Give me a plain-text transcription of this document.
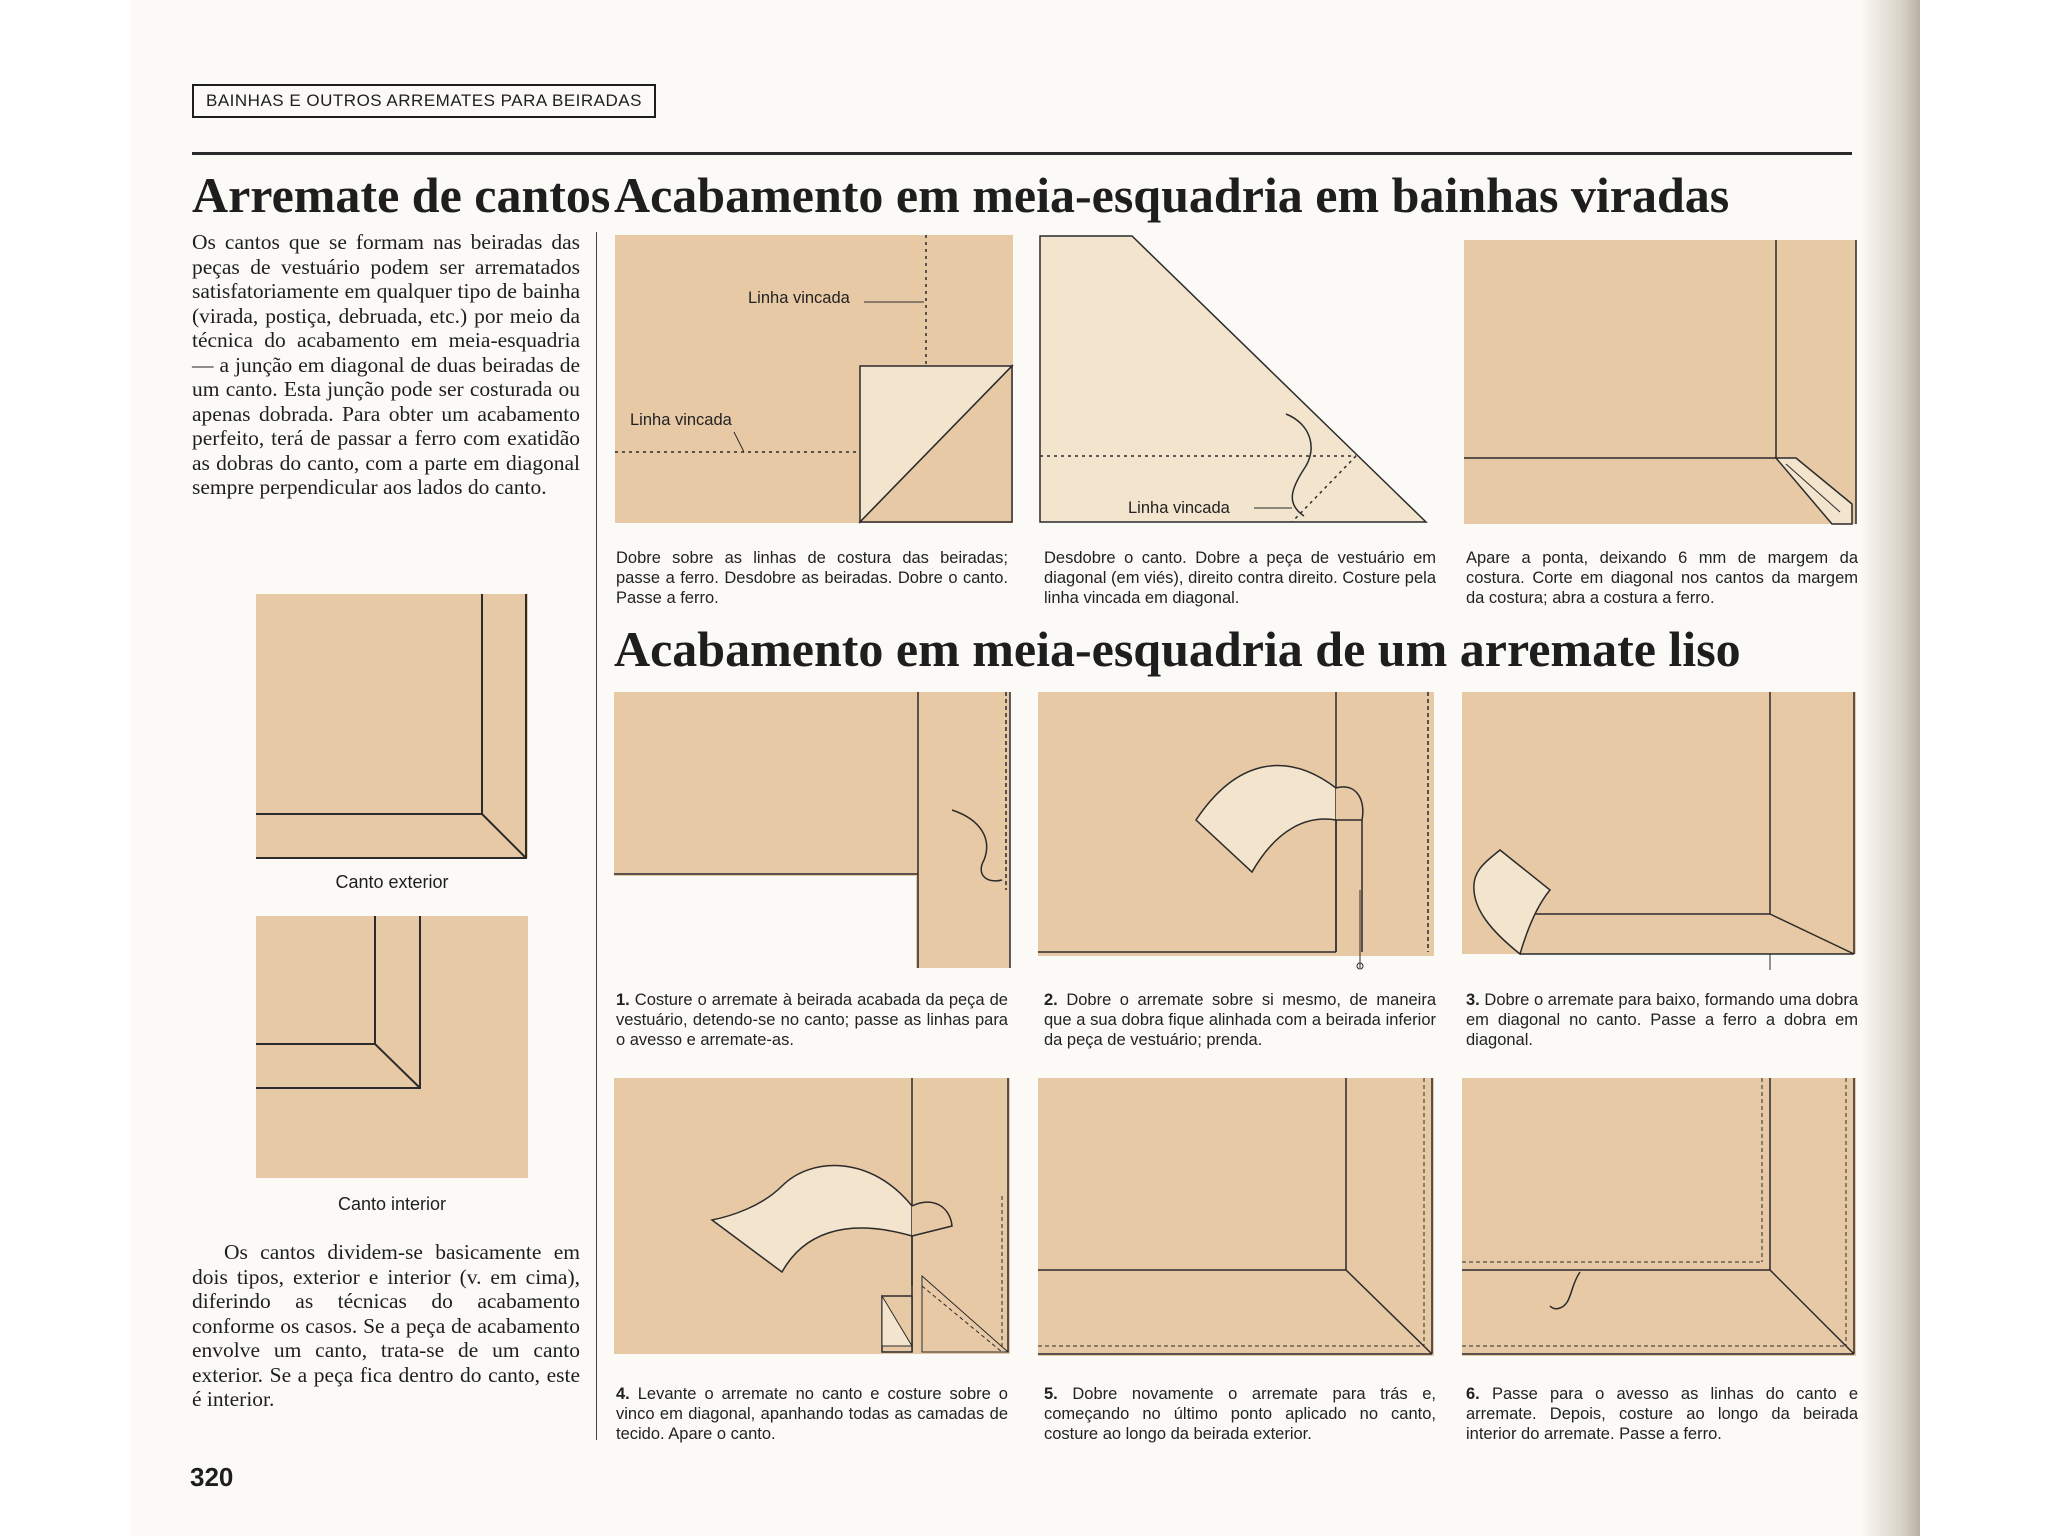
BAINHAS E OUTROS ARREMATES PARA BEIRADAS
Arremate de cantos Acabamento em meia-esquadria em bainhas viradas
Acabamento em meia-esquadria de um arremate liso
Os cantos que se formam nas beiradas das peças de vestuário podem ser arrematados satisfatoriamente em qualquer tipo de bainha (virada, postiça, debruada, etc.) por meio da técnica do acabamento em meia-esquadria — a junção em diagonal de duas beiradas de um canto. Esta junção pode ser costurada ou apenas dobrada. Para obter um acabamento perfeito, terá de passar a ferro com exatidão as dobras do canto, com a parte em diagonal sempre perpendicular aos lados do canto.
Canto exterior
Canto interior
Os cantos dividem-se basicamente em dois tipos, exterior e interior (v. em cima), diferindo as técnicas do acabamento conforme os casos. Se a peça de acabamento envolve um canto, trata-se de um canto exterior. Se a peça fica dentro do canto, este é interior.
Linha vincada
Linha vincada
Linha vincada
Dobre sobre as linhas de costura das beiradas; passe a ferro. Desdobre as beiradas. Dobre o canto. Passe a ferro.
Desdobre o canto. Dobre a peça de vestuário em diagonal (em viés), direito contra direito. Costure pela linha vincada em diagonal.
Apare a ponta, deixando 6 mm de margem da costura. Corte em diagonal nos cantos da margem da costura; abra a costura a ferro.
1. Costure o arremate à beirada acabada da peça de vestuário, detendo-se no canto; passe as linhas para o avesso e arremate-as.
2. Dobre o arremate sobre si mesmo, de maneira que a sua dobra fique alinhada com a beirada inferior da peça de vestuário; prenda.
3. Dobre o arremate para baixo, formando uma dobra em diagonal no canto. Passe a ferro a dobra em diagonal.
4. Levante o arremate no canto e costure sobre o vinco em diagonal, apanhando todas as camadas de tecido. Apare o canto.
5. Dobre novamente o arremate para trás e, começando no último ponto aplicado no canto, costure ao longo da beirada exterior.
6. Passe para o avesso as linhas do canto e arremate. Depois, costure ao longo da beirada interior do arremate. Passe a ferro.
320
